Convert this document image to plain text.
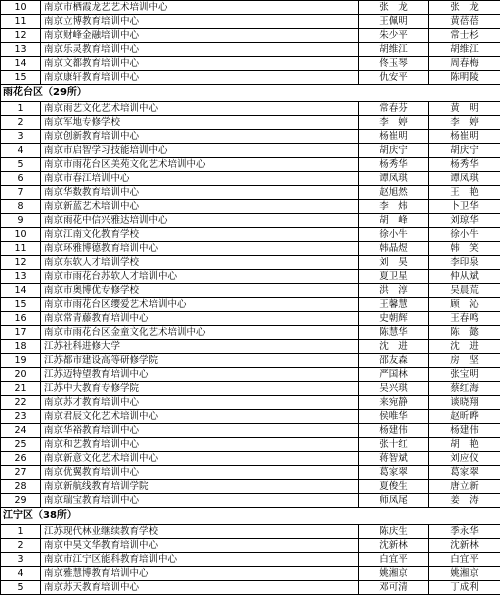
10	南京市栖霞龙艺艺术培训中心	张　龙	张　龙
11	南京立博教育培训中心	王佩明	黄蓓蓓
12	南京财峰金融培训中心	朱少平	常士杉
13	南京乐灵教育培训中心	胡维江	胡维江
14	南京文都教育培训中心	佟玉琴	周春梅
15	南京康轩教育培训中心	仇安平	陈明陵
雨花台区（29所）			
1	南京雨艺文化艺术培训中心	常春芬	黄　明
2	南京军地专修学校	李　婷	李　婷
3	南京创新教育培训中心	杨崔明	杨崔明
4	南京市启智学习技能培训中心	胡庆宁	胡庆宁
5	南京市雨花台区美苑文化艺术培训中心	杨秀华	杨秀华
6	南京市春江培训中心	谭凤琪	谭凤琪
7	南京华数教育培训中心	赵旭然	王　艳
8	南京新蓝艺术培训中心	李　炜	卜卫华
9	南京雨花中信兴雅达培训中心	胡　峰	刘琼华
10	南京江南文化教育学校	徐小牛	徐小牛
11	南京环雅博德教育培训中心	韩晶煜	韩　笑
12	南京东软人才培训学校	刘　昊	李印泉
13	南京市雨花台苏软人才培训中心	夏卫星	仲从斌
14	南京市奥博优专修学校	洪　淳	吴晨荒
15	南京市雨花台区缨爱艺术培训中心	王馨慧	顾　沁
16	南京常青藤教育培训中心	史朝辉	王春鸣
17	南京市雨花台区金童文化艺术培训中心	陈慧华	陈　懿
18	江苏社科进修大学	沈　进	沈　进
19	江苏都市建设高等研修学院	邵友森	房　坚
20	江苏迈特望教育培训中心	严国林	张宝明
21	江苏中大教育专修学院	吴兴琪	蔡红海
22	南京苏才教育培训中心	来宛静	谈晓翔
23	南京君辰文化艺术培训中心	侯唯华	赵昕晔
24	南京华裕教育培训中心	杨建伟	杨建伟
25	南京和艺教育培训中心	张十红	胡　艳
26	南京新意文化艺术培训中心	蒋智斌	刘应仪
27	南京优翼教育培训中心	葛家翠	葛家翠
28	南京新航线教育培训学院	夏俊生	唐立新
29	南京瑞宝教育培训中心	师凤尾	姜　涛
江宁区（38所）			
1	江苏现代林业继续教育学校	陈庆生	季永华
2	南京中昊文华教育培训中心	沈新林	沈新林
3	南京市江宁区能科教育培训中心	白宜平	白宜平
4	南京雅慧博教育培训中心	姚湘京	姚湘京
5	南京苏天教育培训中心	邓可清	丁成利
